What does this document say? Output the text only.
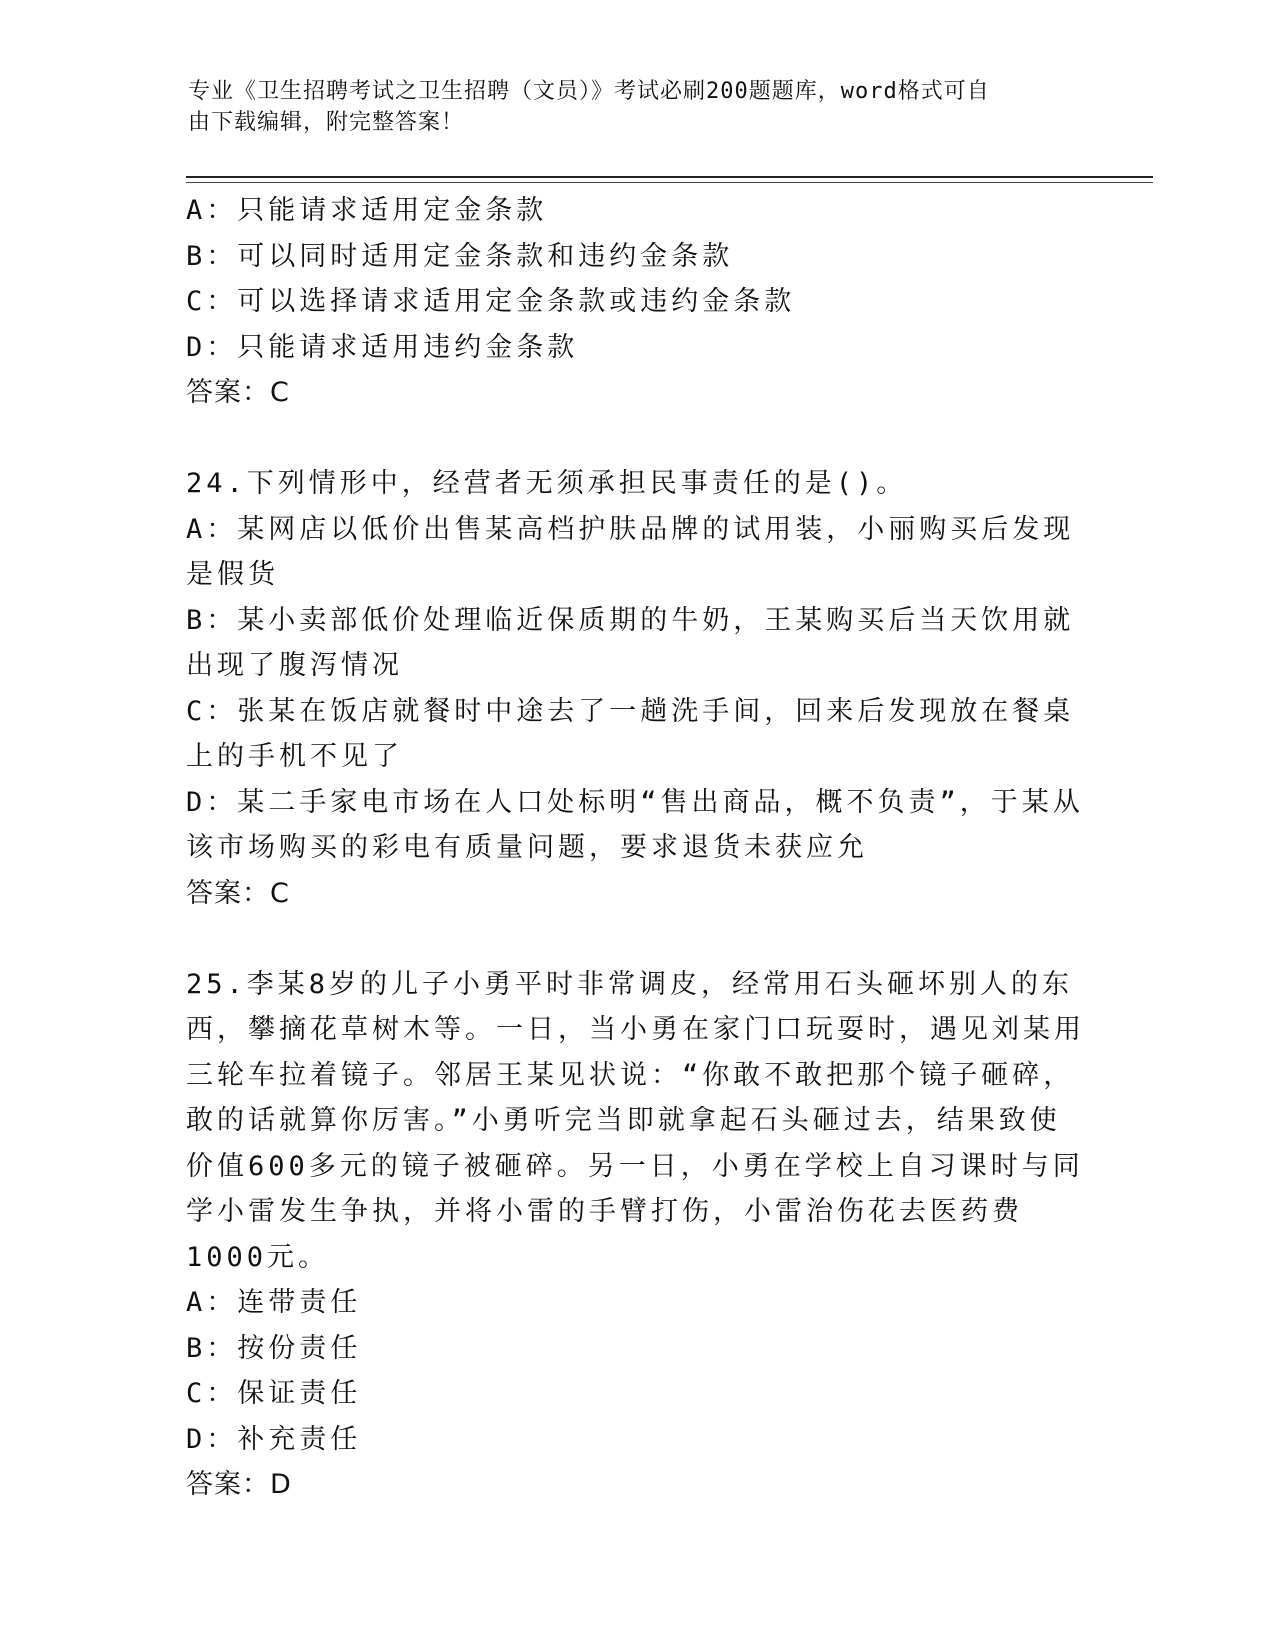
专业《卫生招聘考试之卫生招聘（文员）》考试必刷200题题库，word格式可自
由下载编辑，附完整答案！
A：只能请求适用定金条款
B：可以同时适用定金条款和违约金条款
C：可以选择请求适用定金条款或违约金条款
D：只能请求适用违约金条款
答案：C
24.下列情形中，经营者无须承担民事责任的是()。
A：某网店以低价出售某高档护肤品牌的试用装，小丽购买后发现是假货
B：某小卖部低价处理临近保质期的牛奶，王某购买后当天饮用就出现了腹泻情况
C：张某在饭店就餐时中途去了一趟洗手间，回来后发现放在餐桌上的手机不见了
D：某二手家电市场在人口处标明“售出商品，概不负责”，于某从该市场购买的彩电有质量问题，要求退货未获应允
答案：C
25.李某8岁的儿子小勇平时非常调皮，经常用石头砸坏别人的东西，攀摘花草树木等。一日，当小勇在家门口玩耍时，遇见刘某用三轮车拉着镜子。邻居王某见状说：“你敢不敢把那个镜子砸碎，敢的话就算你厉害。”小勇听完当即就拿起石头砸过去，结果致使价值600多元的镜子被砸碎。另一日，小勇在学校上自习课时与同学小雷发生争执，并将小雷的手臂打伤，小雷治伤花去医药费1000元。
A：连带责任
B：按份责任
C：保证责任
D：补充责任
答案：D
